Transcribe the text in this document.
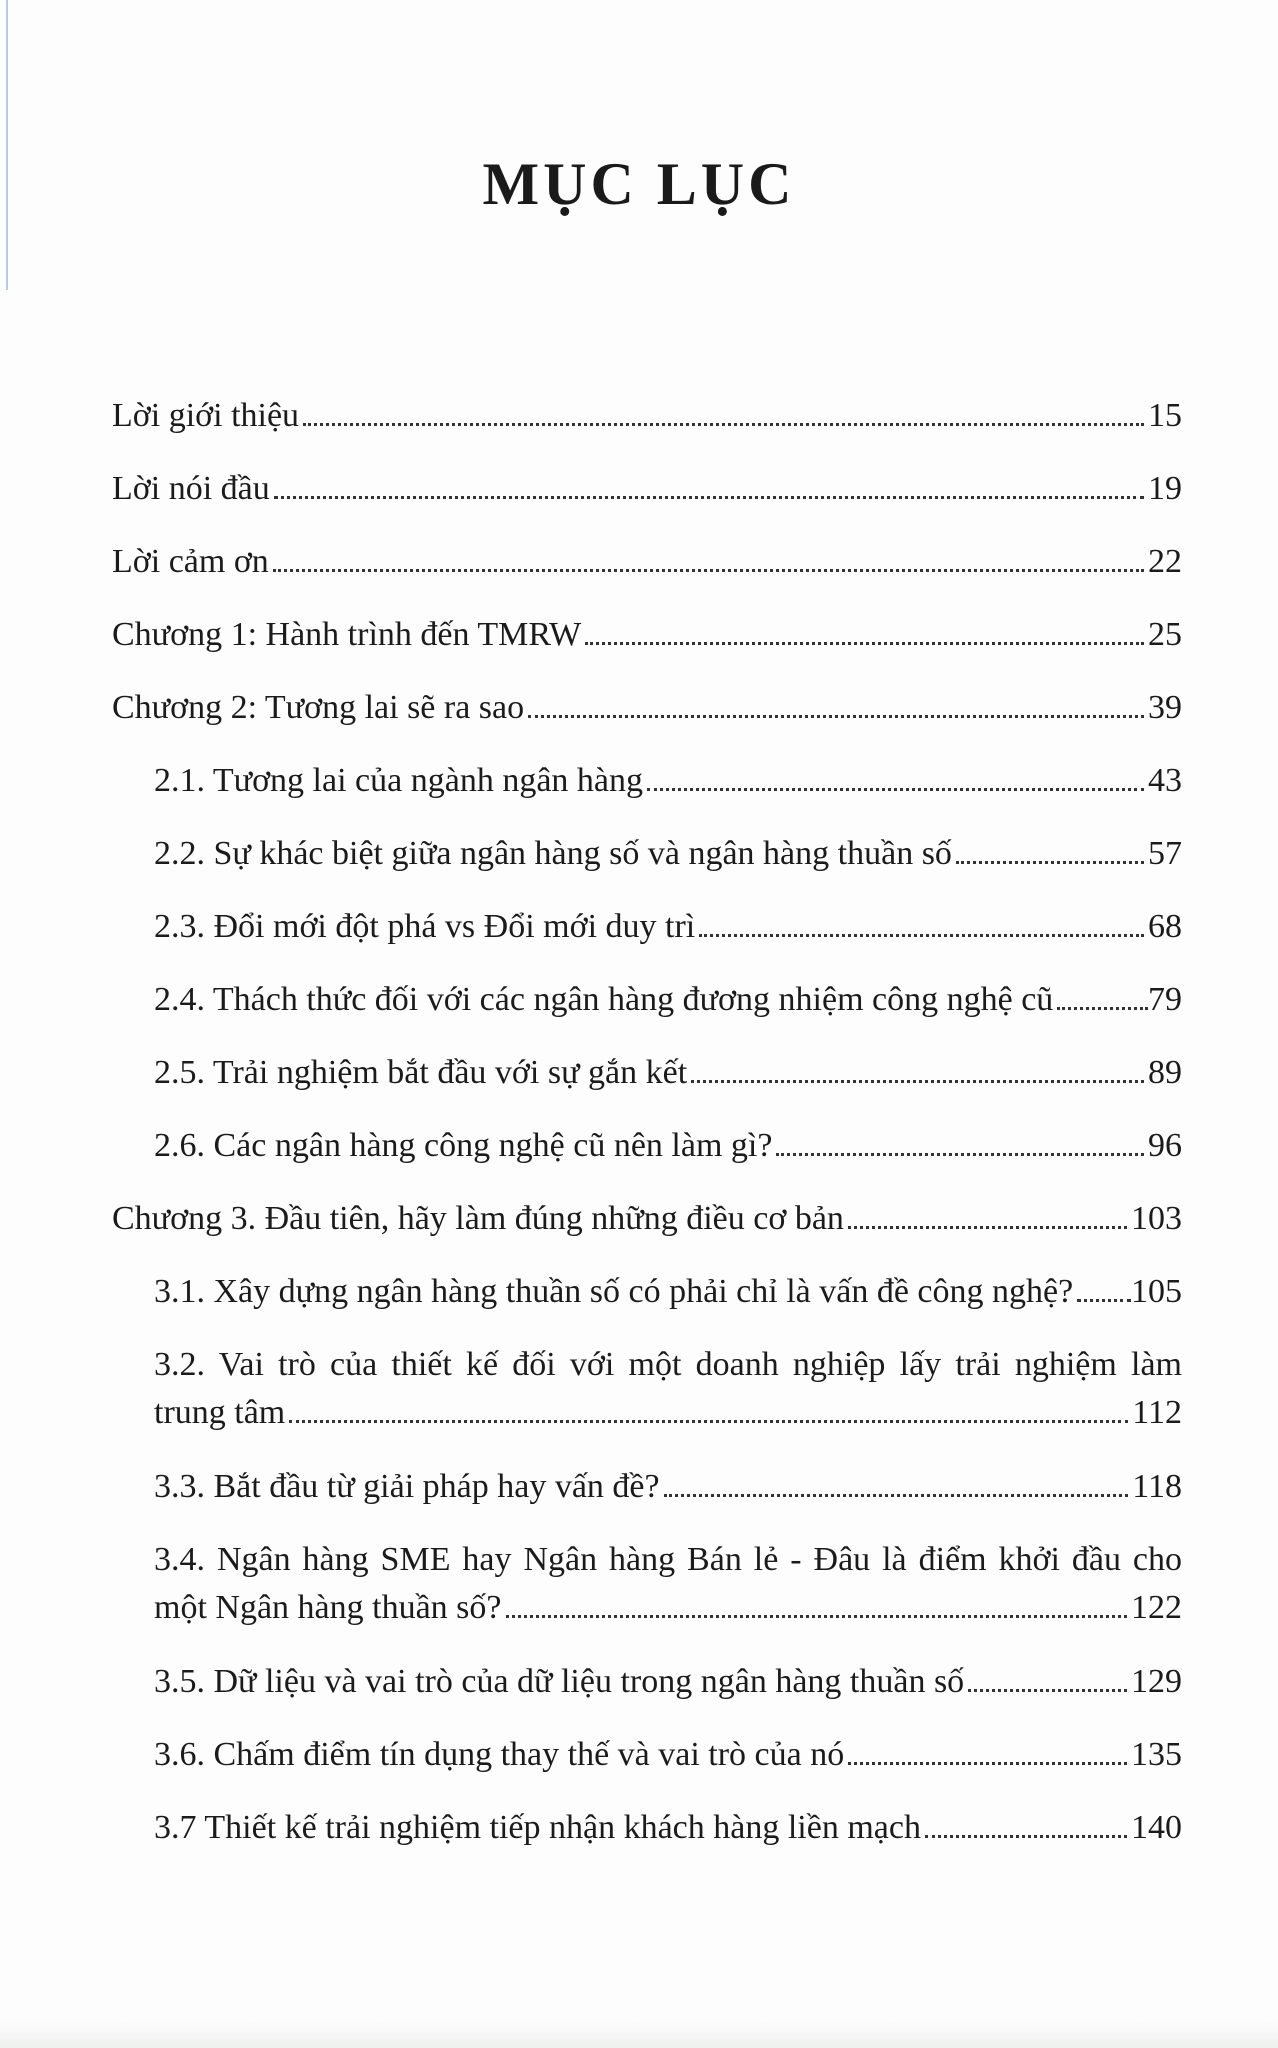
MỤC LỤC
Lời giới thiệu	15
Lời nói đầu	19
Lời cảm ơn	22
Chương 1: Hành trình đến TMRW	25
Chương 2: Tương lai sẽ ra sao	39
2.1. Tương lai của ngành ngân hàng	43
2.2. Sự khác biệt giữa ngân hàng số và ngân hàng thuần số	57
2.3. Đổi mới đột phá vs Đổi mới duy trì	68
2.4. Thách thức đối với các ngân hàng đương nhiệm công nghệ cũ	79
2.5. Trải nghiệm bắt đầu với sự gắn kết	89
2.6. Các ngân hàng công nghệ cũ nên làm gì?	96
Chương 3. Đầu tiên, hãy làm đúng những điều cơ bản	103
3.1. Xây dựng ngân hàng thuần số có phải chỉ là vấn đề công nghệ? 105
3.2. Vai trò của thiết kế đối với một doanh nghiệp lấy trải nghiệm làm
trung tâm	112
3.3. Bắt đầu từ giải pháp hay vấn đề?	118
3.4. Ngân hàng SME hay Ngân hàng Bán lẻ - Đâu là điểm khởi đầu cho
một Ngân hàng thuần số?	122
3.5. Dữ liệu và vai trò của dữ liệu trong ngân hàng thuần số	129
3.6. Chấm điểm tín dụng thay thế và vai trò của nó	135
3.7 Thiết kế trải nghiệm tiếp nhận khách hàng liền mạch	140
